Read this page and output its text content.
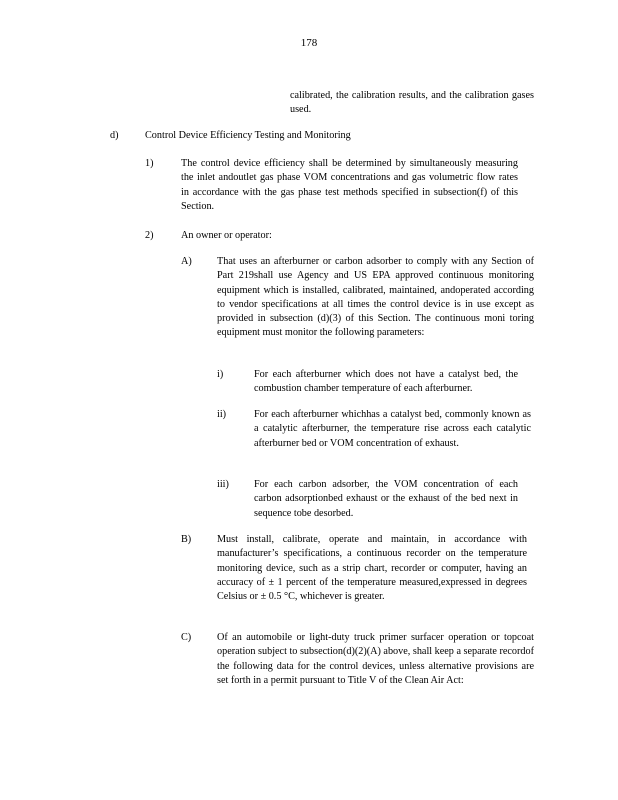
178
calibrated, the calibration results, and the calibration gases used.
d)	Control Device Efficiency Testing and Monitoring
1)	The control device efficiency shall be determined by simultaneously measuring the inlet andoutlet gas phase VOM concentrations and gas volumetric flow rates in accordance with the gas phase test methods specified in subsection(f) of this Section.
2)	An owner or operator:
A) That uses an afterburner or carbon adsorber to comply with any Section of Part 219shall use Agency and US EPA approved continuous monitoring equipment which is installed, calibrated, maintained, andoperated according to vendor specifications at all times the control device is in use except as provided in subsection (d)(3) of this Section. The continuous moni toring equipment must monitor the following parameters:
i)	For each afterburner which does not have a catalyst bed, the combustion chamber temperature of each afterburner.
ii)	For each afterburner whichhas a catalyst bed, commonly known as a catalytic afterburner, the temperature rise across each catalytic afterburner bed or VOM concentration of exhaust.
iii) For each carbon adsorber, the VOM concentration of each carbon adsorptionbed exhaust or the exhaust of the bed next in sequence tobe desorbed.
B)	Must install, calibrate, operate and maintain, in accordance with manufacturer’s specifications, a continuous recorder on the temperature monitoring device, such as a strip chart, recorder or computer, having an accuracy of ± 1 percent of the temperature measured,expressed in degrees Celsius or ± 0.5 °C, whichever is greater.
C)	Of an automobile or light-duty truck primer surfacer operation or topcoat operation subject to subsection(d)(2)(A) above, shall keep a separate recordof the following data for the control devices, unless alternative provisions are set forth in a permit pursuant to Title V of the Clean Air Act:
